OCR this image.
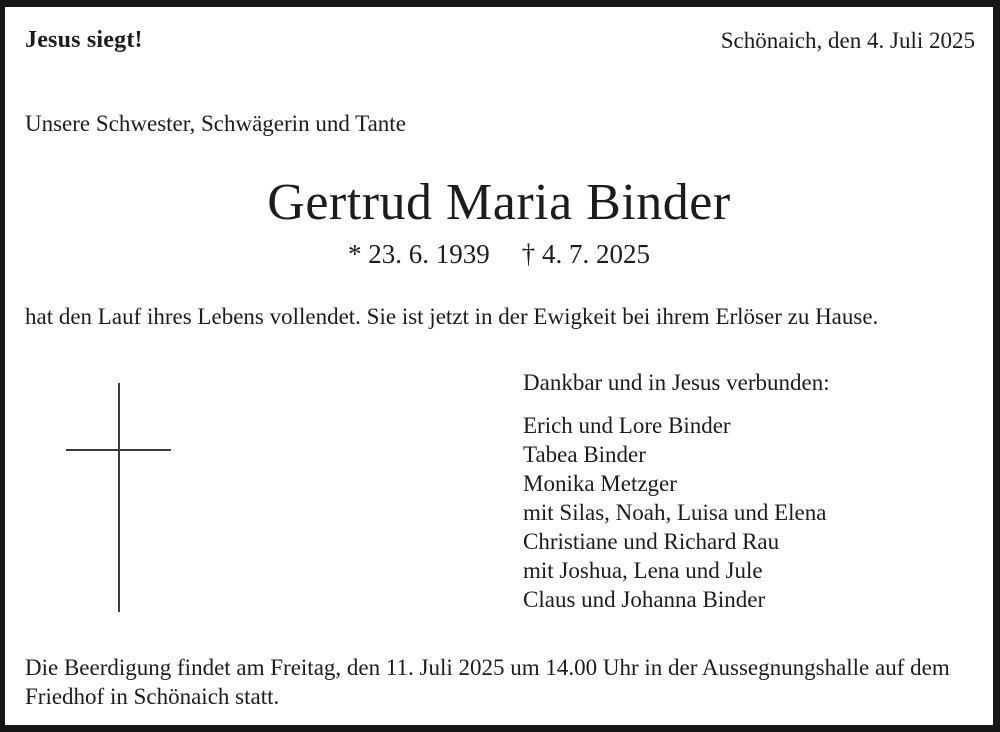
Jesus siegt!	Schönaich, den 4. Juli 2025
Unsere Schwester, Schwägerin und Tante
Gertrud Maria Binder
* 23. 6. 1939 † 4. 7. 2025
hat den Lauf ihres Lebens vollendet. Sie ist jetzt in der Ewigkeit bei ihrem Erlöser zu Hause.

Dankbar und in Jesus verbunden:

Erich und Lore Binder
Tabea Binder
Monika Metzger
mit Silas, Noah, Luisa und Elena
Christiane und Richard Rau
mit Joshua, Lena und Jule
Claus und Johanna Binder
Die Beerdigung findet am Freitag, den 11. Juli 2025 um 14.00 Uhr in der Aussegnungshalle auf dem Friedhof in Schönaich statt.
